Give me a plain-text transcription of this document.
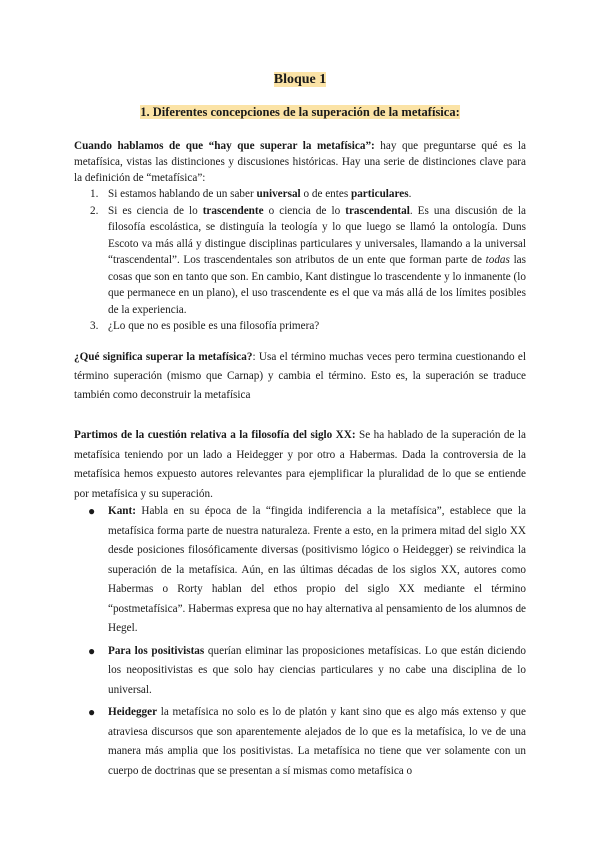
Bloque 1
1. Diferentes concepciones de la superación de la metafísica:
Cuando hablamos de que “hay que superar la metafísica”: hay que preguntarse qué es la metafísica, vistas las distinciones y discusiones históricas. Hay una serie de distinciones clave para la definición de “metafísica”:
1. Si estamos hablando de un saber universal o de entes particulares.
2. Si es ciencia de lo trascendente o ciencia de lo trascendental. Es una discusión de la filosofía escolástica, se distinguía la teología y lo que luego se llamó la ontología. Duns Escoto va más allá y distingue disciplinas particulares y universales, llamando a la universal “trascendental”. Los trascendentales son atributos de un ente que forman parte de todas las cosas que son en tanto que son. En cambio, Kant distingue lo trascendente y lo inmanente (lo que permanece en un plano), el uso trascendente es el que va más allá de los límites posibles de la experiencia.
3. ¿Lo que no es posible es una filosofía primera?
¿Qué significa superar la metafísica?: Usa el término muchas veces pero termina cuestionando el término superación (mismo que Carnap) y cambia el término. Esto es, la superación se traduce también como deconstruir la metafísica
Partimos de la cuestión relativa a la filosofía del siglo XX: Se ha hablado de la superación de la metafísica teniendo por un lado a Heidegger y por otro a Habermas. Dada la controversia de la metafísica hemos expuesto autores relevantes para ejemplificar la pluralidad de lo que se entiende por metafísica y su superación.
● Kant: Habla en su época de la “fingida indiferencia a la metafísica”, establece que la metafísica forma parte de nuestra naturaleza. Frente a esto, en la primera mitad del siglo XX desde posiciones filosóficamente diversas (positivismo lógico o Heidegger) se reivindica la superación de la metafísica. Aún, en las últimas décadas de los siglos XX, autores como Habermas o Rorty hablan del ethos propio del siglo XX mediante el término “postmetafísica”. Habermas expresa que no hay alternativa al pensamiento de los alumnos de Hegel.
● Para los positivistas querían eliminar las proposiciones metafísicas. Lo que están diciendo los neopositivistas es que solo hay ciencias particulares y no cabe una disciplina de lo universal.
● Heidegger la metafísica no solo es lo de platón y kant sino que es algo más extenso y que atraviesa discursos que son aparentemente alejados de lo que es la metafísica, lo ve de una manera más amplia que los positivistas. La metafísica no tiene que ver solamente con un cuerpo de doctrinas que se presentan a sí mismas como metafísica o
